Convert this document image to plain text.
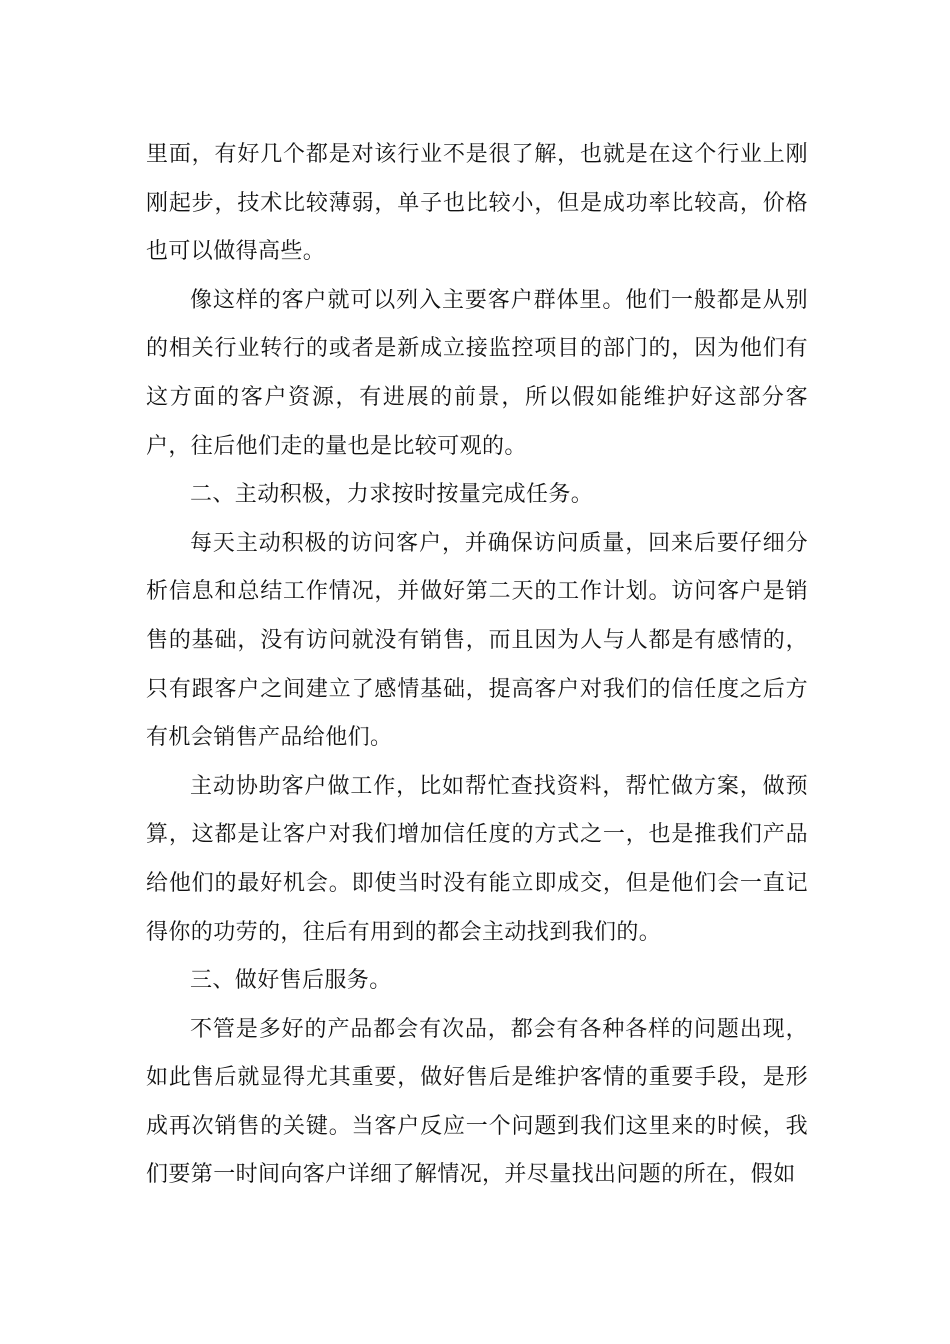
里面，有好几个都是对该行业不是很了解，也就是在这个行业上刚刚起步，技术比较薄弱，单子也比较小，但是成功率比较高，价格也可以做得高些。

像这样的客户就可以列入主要客户群体里。他们一般都是从别的相关行业转行的或者是新成立接监控项目的部门的，因为他们有这方面的客户资源，有进展的前景，所以假如能维护好这部分客户，往后他们走的量也是比较可观的。

二、主动积极，力求按时按量完成任务。

每天主动积极的访问客户，并确保访问质量，回来后要仔细分析信息和总结工作情况，并做好第二天的工作计划。访问客户是销售的基础，没有访问就没有销售，而且因为人与人都是有感情的，只有跟客户之间建立了感情基础，提高客户对我们的信任度之后方有机会销售产品给他们。

主动协助客户做工作，比如帮忙查找资料，帮忙做方案，做预算，这都是让客户对我们增加信任度的方式之一，也是推我们产品给他们的最好机会。即使当时没有能立即成交，但是他们会一直记得你的功劳的，往后有用到的都会主动找到我们的。

三、做好售后服务。

不管是多好的产品都会有次品，都会有各种各样的问题出现，如此售后就显得尤其重要，做好售后是维护客情的重要手段，是形成再次销售的关键。当客户反应一个问题到我们这里来的时候，我们要第一时间向客户详细了解情况，并尽量找出问题的所在，假如
